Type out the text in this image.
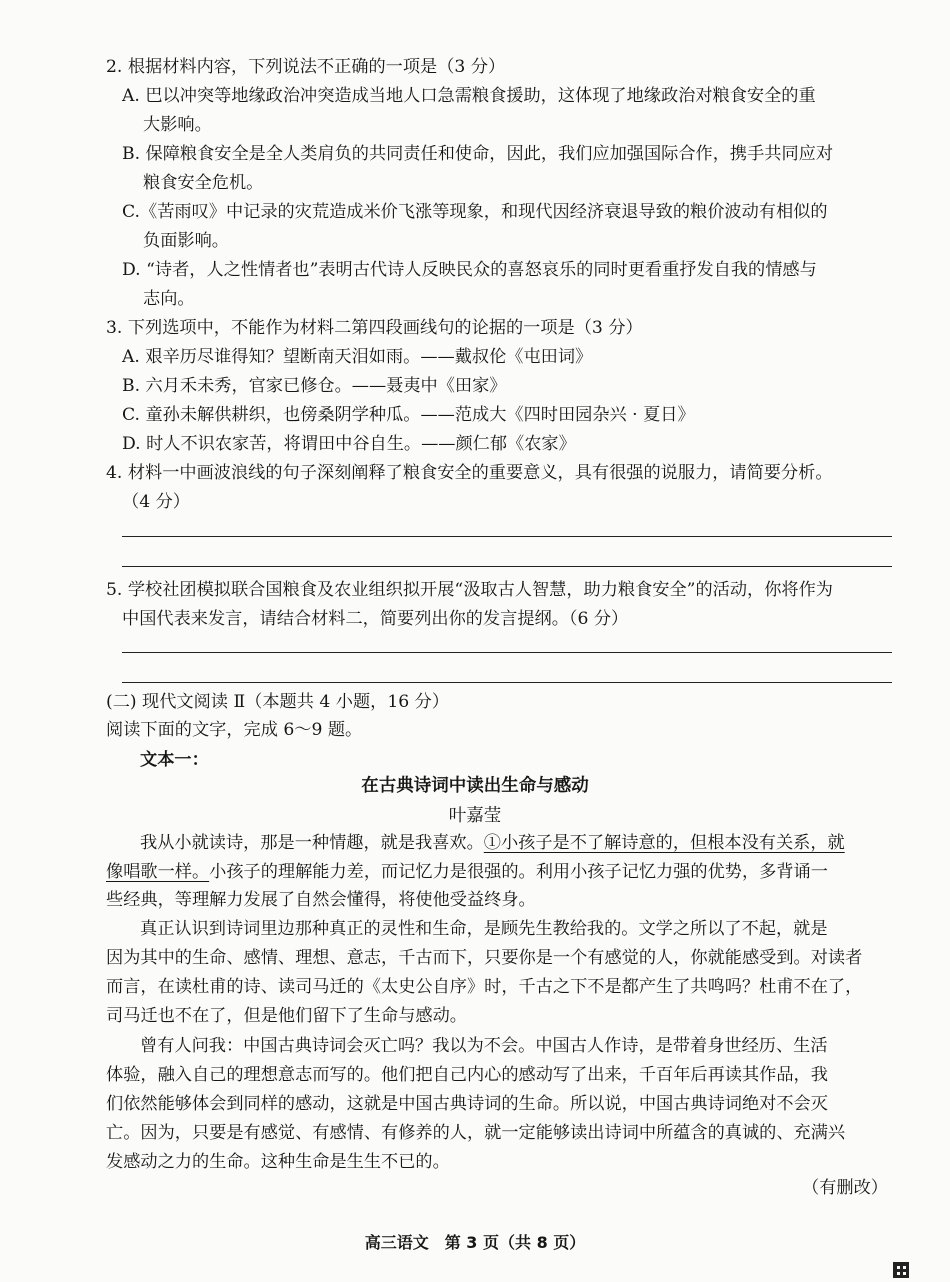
2. 根据材料内容，下列说法不正确的一项是（3 分）
A. 巴以冲突等地缘政治冲突造成当地人口急需粮食援助，这体现了地缘政治对粮食安全的重
大影响。
B. 保障粮食安全是全人类肩负的共同责任和使命，因此，我们应加强国际合作，携手共同应对
粮食安全危机。
C.《苦雨叹》中记录的灾荒造成米价飞涨等现象，和现代因经济衰退导致的粮价波动有相似的
负面影响。
D. “诗者，人之性情者也”表明古代诗人反映民众的喜怒哀乐的同时更看重抒发自我的情感与
志向。
3. 下列选项中，不能作为材料二第四段画线句的论据的一项是（3 分）
A. 艰辛历尽谁得知？望断南天泪如雨。——戴叔伦《屯田词》
B. 六月禾未秀，官家已修仓。——聂夷中《田家》
C. 童孙未解供耕织，也傍桑阴学种瓜。——范成大《四时田园杂兴 · 夏日》
D. 时人不识农家苦，将谓田中谷自生。——颜仁郁《农家》
4. 材料一中画波浪线的句子深刻阐释了粮食安全的重要意义，具有很强的说服力，请简要分析。
（4 分）
5. 学校社团模拟联合国粮食及农业组织拟开展“汲取古人智慧，助力粮食安全”的活动，你将作为
中国代表来发言，请结合材料二，简要列出你的发言提纲。（6 分）
(二) 现代文阅读 Ⅱ（本题共 4 小题，16 分）
阅读下面的文字，完成 6～9 题。
文本一：
在古典诗词中读出生命与感动
叶嘉莹
我从小就读诗，那是一种情趣，就是我喜欢。①小孩子是不了解诗意的，但根本没有关系，就
像唱歌一样。小孩子的理解能力差，而记忆力是很强的。利用小孩子记忆力强的优势，多背诵一
些经典，等理解力发展了自然会懂得，将使他受益终身。
真正认识到诗词里边那种真正的灵性和生命，是顾先生教给我的。文学之所以了不起，就是
因为其中的生命、感情、理想、意志，千古而下，只要你是一个有感觉的人，你就能感受到。对读者
而言，在读杜甫的诗、读司马迁的《太史公自序》时，千古之下不是都产生了共鸣吗？杜甫不在了，
司马迁也不在了，但是他们留下了生命与感动。
曾有人问我：中国古典诗词会灭亡吗？我以为不会。中国古人作诗，是带着身世经历、生活
体验，融入自己的理想意志而写的。他们把自己内心的感动写了出来，千百年后再读其作品，我
们依然能够体会到同样的感动，这就是中国古典诗词的生命。所以说，中国古典诗词绝对不会灭
亡。因为，只要是有感觉、有感情、有修养的人，就一定能够读出诗词中所蕴含的真诚的、充满兴
发感动之力的生命。这种生命是生生不已的。
（有删改）
高三语文　第 3 页（共 8 页）
